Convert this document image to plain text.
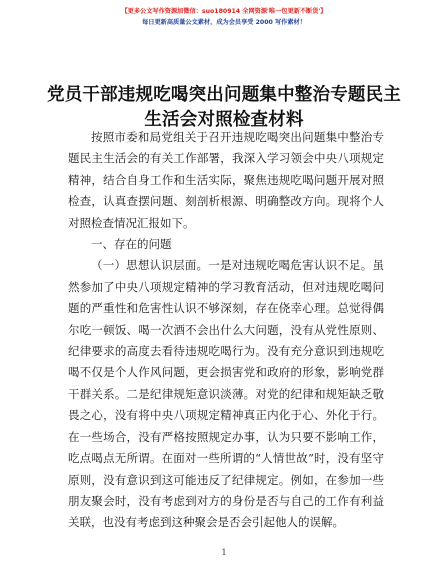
【更多公文写作资源加微信：suo180914 全网资源'唯一包更新不断货'】
每日更新高质量公文素材，成为会员享受 2000 写作素材！
党员干部违规吃喝突出问题集中整治专题民主
生活会对照检查材料

按照市委和局党组关于召开违规吃喝突出问题集中整治专题民主生活会的有关工作部署，我深入学习领会中央八项规定精神，结合自身工作和生活实际，聚焦违规吃喝问题开展对照检查，认真查摆问题、刻剖析根源、明确整改方向。现将个人对照检查情况汇报如下。

一、存在的问题

（一）思想认识层面。一是对违规吃喝危害认识不足。虽然参加了中央八项规定精神的学习教育活动，但对违规吃喝问题的严重性和危害性认识不够深刻，存在侥幸心理。总觉得偶尔吃一顿饭、喝一次酒不会出什么大问题，没有从党性原则、纪律要求的高度去看待违规吃喝行为。没有充分意识到违规吃喝不仅是个人作风问题，更会损害党和政府的形象，影响党群干群关系。二是纪律规矩意识淡薄。对党的纪律和规矩缺乏敬畏之心，没有将中央八项规定精神真正内化于心、外化于行。在一些场合，没有严格按照规定办事，认为只要不影响工作，吃点喝点无所谓。在面对一些所谓的“人情世故”时，没有坚守原则，没有意识到这可能违反了纪律规定。例如，在参加一些朋友聚会时，没有考虑到对方的身份是否与自己的工作有利益关联，也没有考虑到这种聚会是否会引起他人的误解。

1
